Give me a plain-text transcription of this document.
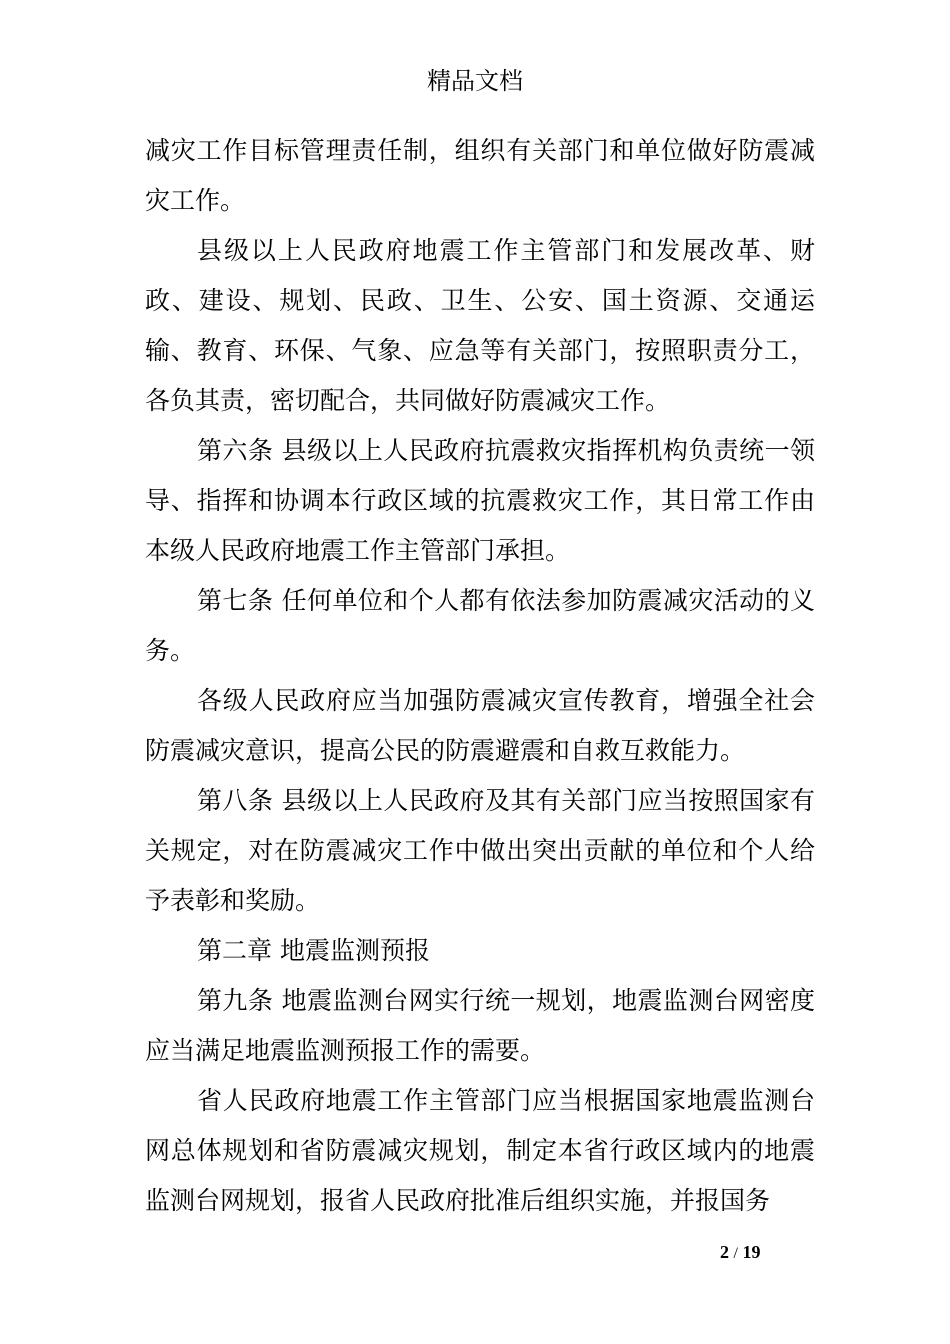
精品文档

减灾工作目标管理责任制，组织有关部门和单位做好防震减灾工作。

县级以上人民政府地震工作主管部门和发展改革、财政、建设、规划、民政、卫生、公安、国土资源、交通运输、教育、环保、气象、应急等有关部门，按照职责分工，各负其责，密切配合，共同做好防震减灾工作。

第六条 县级以上人民政府抗震救灾指挥机构负责统一领导、指挥和协调本行政区域的抗震救灾工作，其日常工作由本级人民政府地震工作主管部门承担。

第七条 任何单位和个人都有依法参加防震减灾活动的义务。

各级人民政府应当加强防震减灾宣传教育，增强全社会防震减灾意识，提高公民的防震避震和自救互救能力。

第八条 县级以上人民政府及其有关部门应当按照国家有关规定，对在防震减灾工作中做出突出贡献的单位和个人给予表彰和奖励。

第二章 地震监测预报

第九条 地震监测台网实行统一规划，地震监测台网密度应当满足地震监测预报工作的需要。

省人民政府地震工作主管部门应当根据国家地震监测台网总体规划和省防震减灾规划，制定本省行政区域内的地震监测台网规划，报省人民政府批准后组织实施，并报国务

2 / 19
